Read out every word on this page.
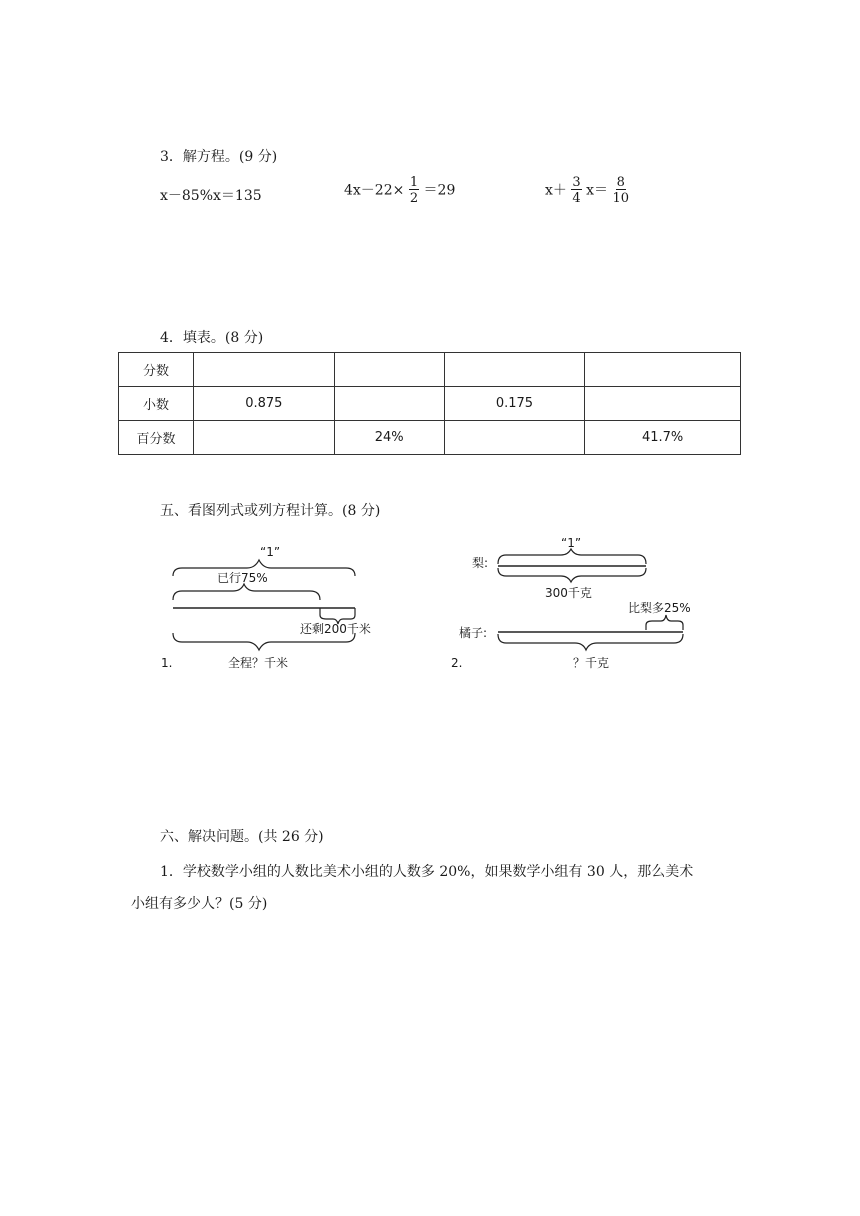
3．解方程。(9 分)
x－85%x＝135	$4x-22\times \frac{1}{2} =29$	$x+ \frac{3}{4} x= \frac{8}{10}$
4．填表。(8 分)
分数				
小数	0.875		0.175	
百分数		24%		41.7%
五、看图列式或列方程计算。(8 分)
“1”
已行75%
还剩200千米
1.	全程？千米
“1”
梨:
300千克
比梨多25%
橘子:
2.	？千克
六、解决问题。(共 26 分)
1．学校数学小组的人数比美术小组的人数多 20%，如果数学小组有 30 人，那么美术
小组有多少人？(5 分)
